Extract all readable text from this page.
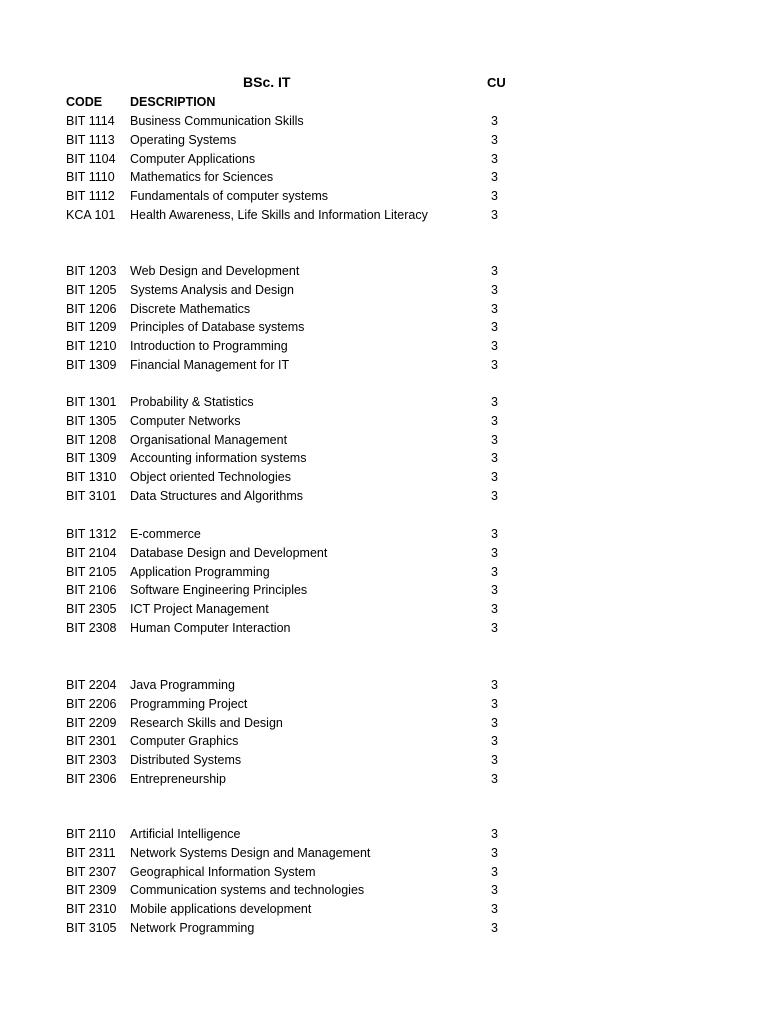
BSc. IT	CU
CODE DESCRIPTION
BIT 1114 Business Communication Skills	3
BIT 1113 Operating Systems	3
BIT 1104 Computer Applications	3
BIT 1110 Mathematics for Sciences	3
BIT 1112 Fundamentals of computer systems	3
KCA 101 Health Awareness, Life Skills and Information Literacy	3
BIT 1203 Web Design and Development	3
BIT 1205 Systems Analysis and Design	3
BIT 1206 Discrete Mathematics	3
BIT 1209 Principles of Database systems	3
BIT 1210 Introduction to Programming	3
BIT 1309 Financial Management for IT	3
BIT 1301 Probability & Statistics	3
BIT 1305 Computer Networks	3
BIT 1208 Organisational Management	3
BIT 1309 Accounting information systems	3
BIT 1310 Object oriented Technologies	3
BIT 3101 Data Structures and Algorithms	3
BIT 1312 E-commerce	3
BIT 2104 Database Design and Development	3
BIT 2105 Application Programming	3
BIT 2106 Software Engineering Principles	3
BIT 2305 ICT Project Management	3
BIT 2308 Human Computer Interaction	3
BIT 2204 Java Programming	3
BIT 2206 Programming Project	3
BIT 2209 Research Skills and Design	3
BIT 2301 Computer Graphics	3
BIT 2303 Distributed Systems	3
BIT 2306 Entrepreneurship	3
BIT 2110 Artificial Intelligence	3
BIT 2311 Network Systems Design and Management	3
BIT 2307 Geographical Information System	3
BIT 2309 Communication systems and technologies	3
BIT 2310 Mobile applications development	3
BIT 3105 Network Programming	3
